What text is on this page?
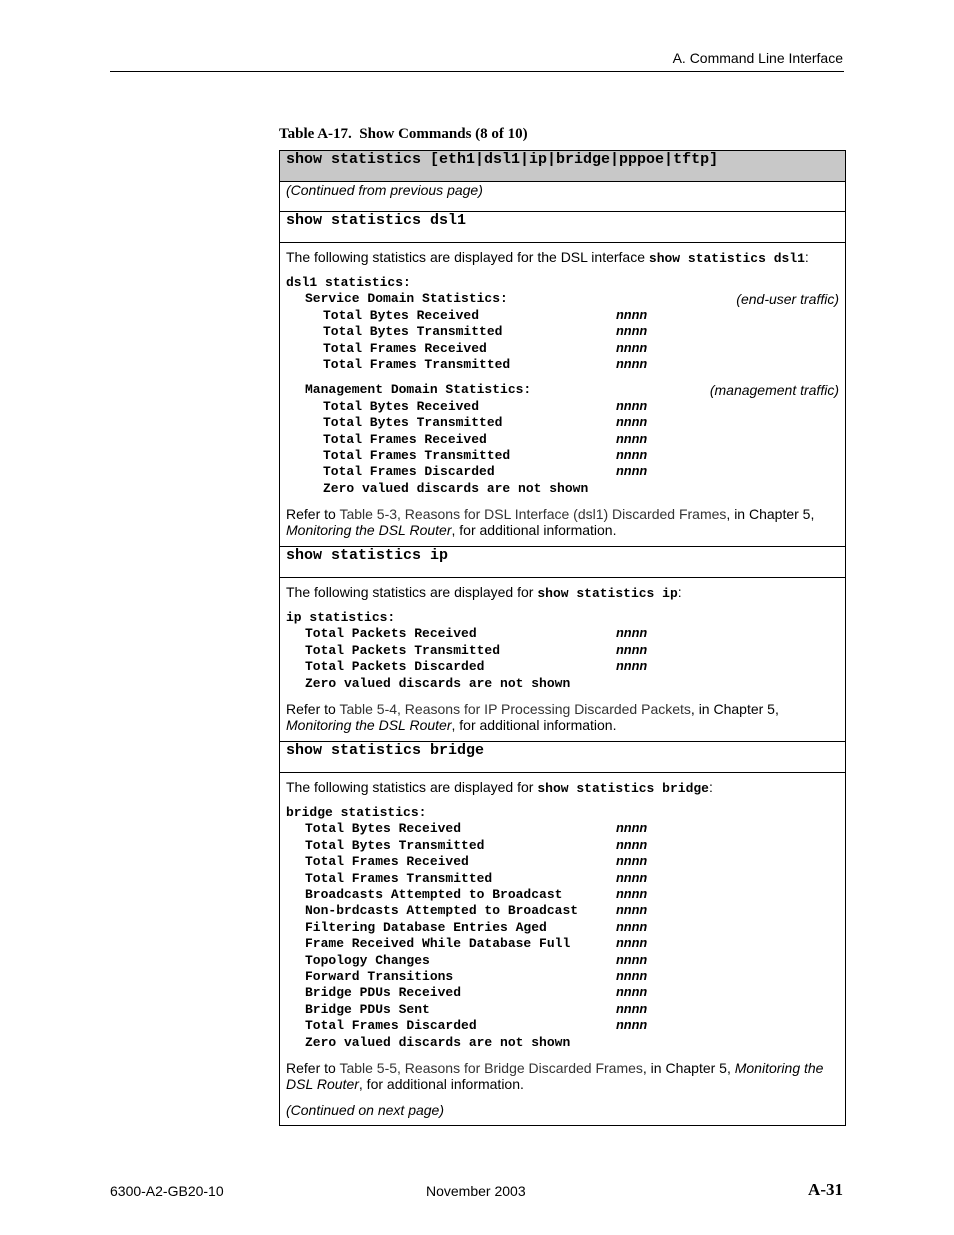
A. Command Line Interface
Table A-17. Show Commands (8 of 10)
show statistics [eth1|dsl1|ip|bridge|pppoe|tftp]
(Continued from previous page)
show statistics dsl1

The following statistics are displayed for the DSL interface show statistics dsl1:
dsl1 statistics:
Service Domain Statistics:	(end-user traffic)
Total Bytes Received	nnnn
Total Bytes Transmitted	nnnn
Total Frames Received	nnnn
Total Frames Transmitted	nnnn
Management Domain Statistics:	(management traffic)
Total Bytes Received	nnnn
Total Bytes Transmitted	nnnn
Total Frames Received	nnnn
Total Frames Transmitted	nnnn
Total Frames Discarded	nnnn
Zero valued discards are not shown
Refer to Table 5-3, Reasons for DSL Interface (dsl1) Discarded Frames, in Chapter 5,
Monitoring the DSL Router, for additional information.

show statistics ip

The following statistics are displayed for show statistics ip:
ip statistics:
Total Packets Received	nnnn
Total Packets Transmitted	nnnn
Total Packets Discarded	nnnn
Zero valued discards are not shown
Refer to Table 5-4, Reasons for IP Processing Discarded Packets, in Chapter 5,
Monitoring the DSL Router, for additional information.

show statistics bridge

The following statistics are displayed for show statistics bridge:
bridge statistics:
Total Bytes Received	nnnn
Total Bytes Transmitted	nnnn
Total Frames Received	nnnn
Total Frames Transmitted	nnnn
Broadcasts Attempted to Broadcast	nnnn
Non-brdcasts Attempted to Broadcast	nnnn
Filtering Database Entries Aged	nnnn
Frame Received While Database Full	nnnn
Topology Changes	nnnn
Forward Transitions	nnnn
Bridge PDUs Received	nnnn
Bridge PDUs Sent	nnnn
Total Frames Discarded	nnnn
Zero valued discards are not shown
Refer to Table 5-5, Reasons for Bridge Discarded Frames, in Chapter 5, Monitoring the DSL Router, for additional information.
(Continued on next page)
6300-A2-GB20-10	November 2003	A-31
